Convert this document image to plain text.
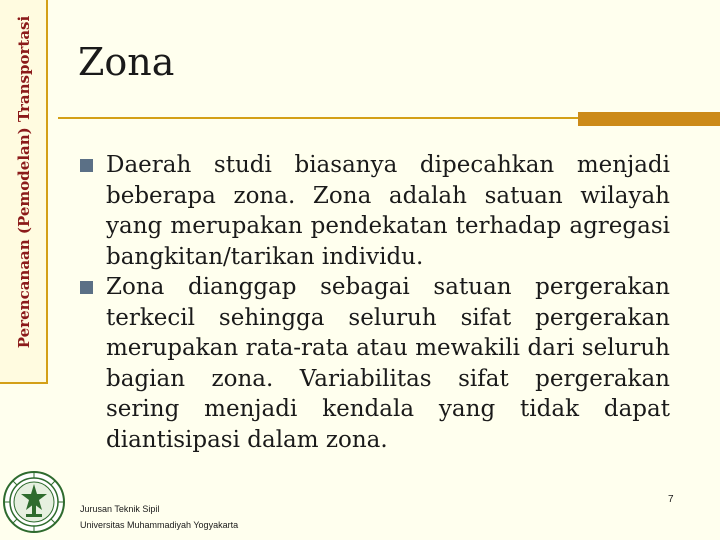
Perencanaan (Pemodelan) Transportasi Zona
Daerah studi biasanya dipecahkan menjadi beberapa zona. Zona adalah satuan wilayah yang merupakan pendekatan terhadap agregasi bangkitan/tarikan individu.
Zona dianggap sebagai satuan pergerakan terkecil sehingga seluruh sifat pergerakan merupakan rata-rata atau mewakili dari seluruh bagian zona. Variabilitas sifat pergerakan sering menjadi kendala yang tidak dapat diantisipasi dalam zona.
Jurusan Teknik Sipil
Universitas Muhammadiyah Yogyakarta
7
